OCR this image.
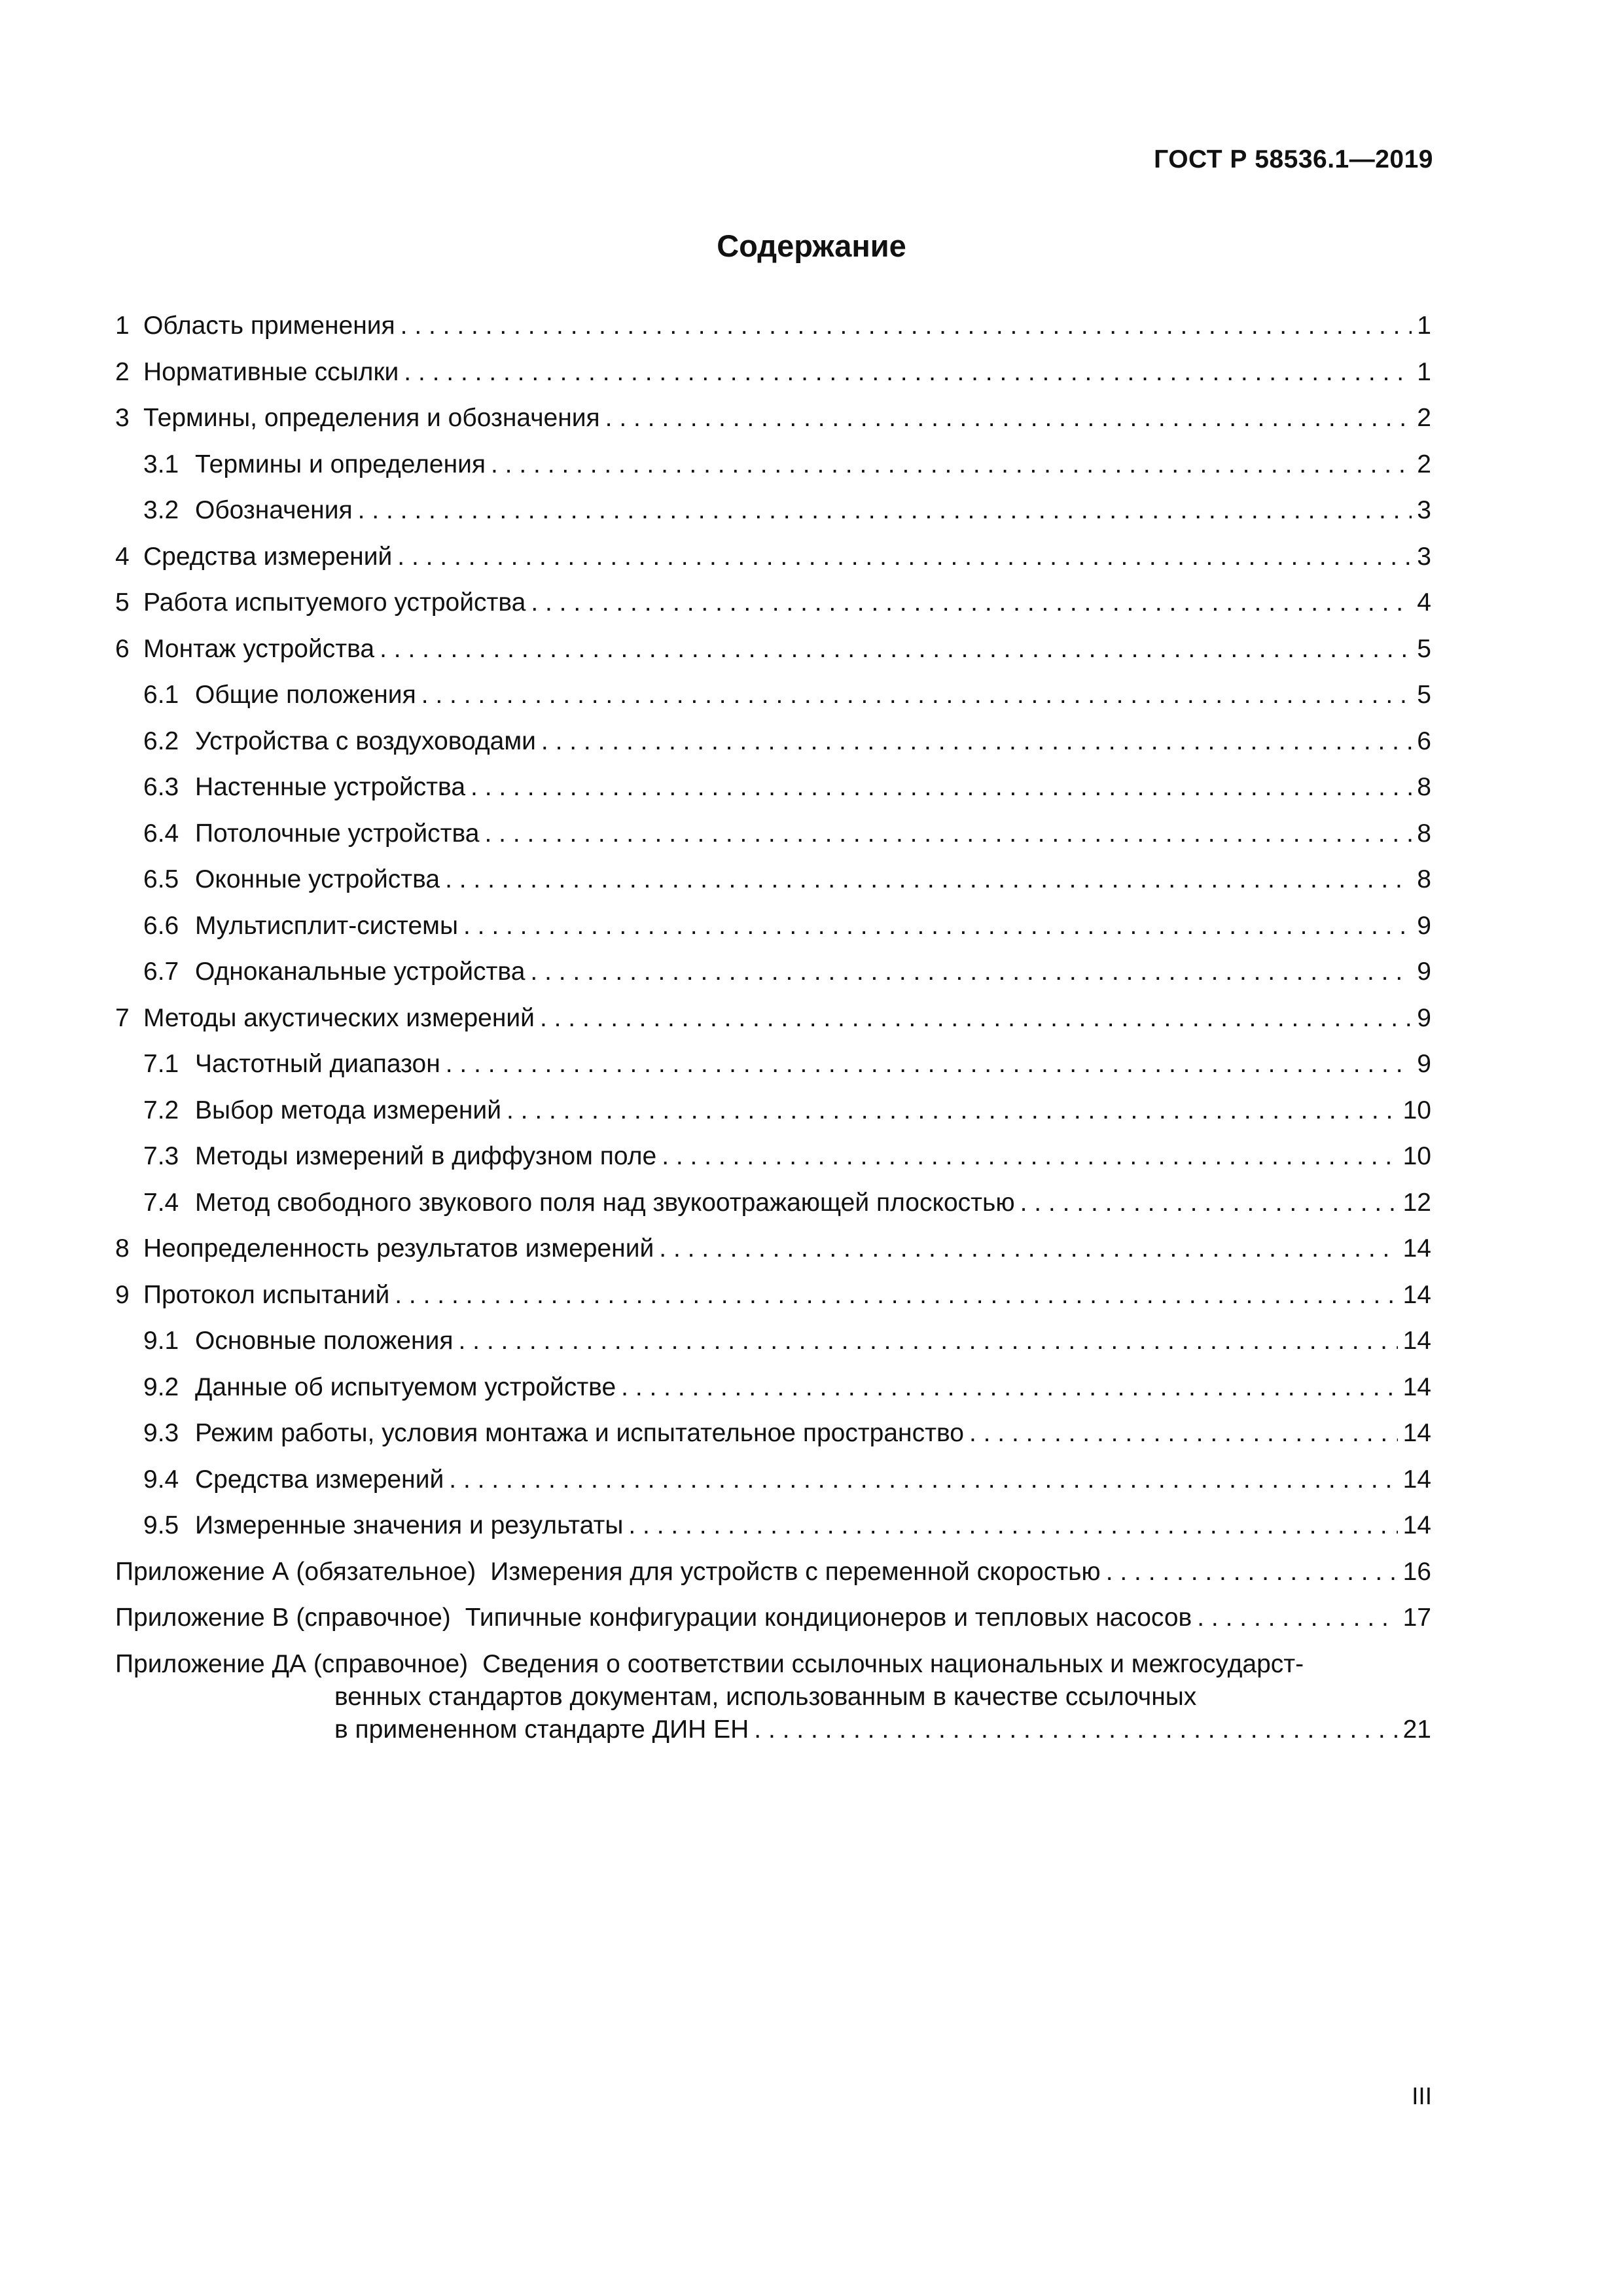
ГОСТ Р 58536.1—2019
Содержание
1 Область применения . . .	1
2 Нормативные ссылки . . .	1
3 Термины, определения и обозначения . . .	2
3.1 Термины и определения . . .	2
3.2 Обозначения . . .	3
4 Средства измерений . . .	3
5 Работа испытуемого устройства . . .	4
6 Монтаж устройства . . .	5
6.1 Общие положения . . .	5
6.2 Устройства с воздуховодами . . .	6
6.3 Настенные устройства . . .	8
6.4 Потолочные устройства . . .	8
6.5 Оконные устройства . . .	8
6.6 Мультисплит-системы . . .	9
6.7 Одноканальные устройства . . .	9
7 Методы акустических измерений . . .	9
7.1 Частотный диапазон . . .	9
7.2 Выбор метода измерений . . .	10
7.3 Методы измерений в диффузном поле . . .	10
7.4 Метод свободного звукового поля над звукоотражающей плоскостью . . .	12
8 Неопределенность результатов измерений . . .	14
9 Протокол испытаний . . .	14
9.1 Основные положения . . .	14
9.2 Данные об испытуемом устройстве . . .	14
9.3 Режим работы, условия монтажа и испытательное пространство . . .	14
9.4 Средства измерений . . .	14
9.5 Измеренные значения и результаты . . .	14
Приложение А (обязательное) Измерения для устройств с переменной скоростью . . .	16
Приложение В (справочное) Типичные конфигурации кондиционеров и тепловых насосов . . .	17
Приложение ДА (справочное) Сведения о соответствии ссылочных национальных и межгосударст-
венных стандартов документам, использованным в качестве ссылочных
в примененном стандарте ДИН ЕН . . .	21
III
